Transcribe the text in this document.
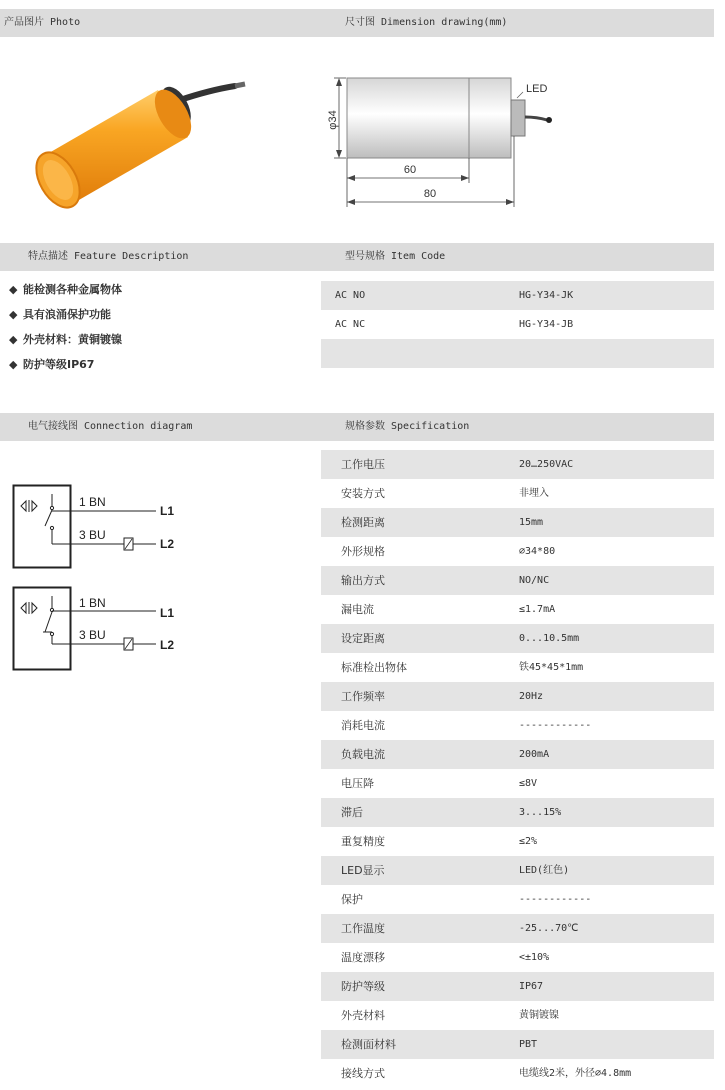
产品图片 Photo	尺寸图 Dimension drawing(mm)
φ34
60
80
LED
特点描述 Feature Description	型号规格 Item Code
◆ 能检测各种金属物体
◆ 具有浪涌保护功能
◆ 外壳材料：黄铜镀镍
◆ 防护等级IP67
AC NO	HG-Y34-JK
AC NC	HG-Y34-JB
电气接线图 Connection diagram	规格参数 Specification
1 BN
3 BU
L1
L2
1 BN
3 BU
L1
L2
工作电压	20…250VAC
安装方式	非埋入
检测距离	15mm
外形规格	∅34*80
输出方式	NO/NC
漏电流	≤1.7mA
设定距离	0...10.5mm
标准检出物体	铁45*45*1mm
工作频率	20Hz
消耗电流	------------
负载电流	200mA
电压降	≤8V
滞后	3...15%
重复精度	≤2%
LED显示	LED(红色)
保护	------------
工作温度	-25...70℃
温度漂移	<±10%
防护等级	IP67
外壳材料	黄铜镀镍
检测面材料	PBT
接线方式	电缆线2米，外径∅4.8mm
